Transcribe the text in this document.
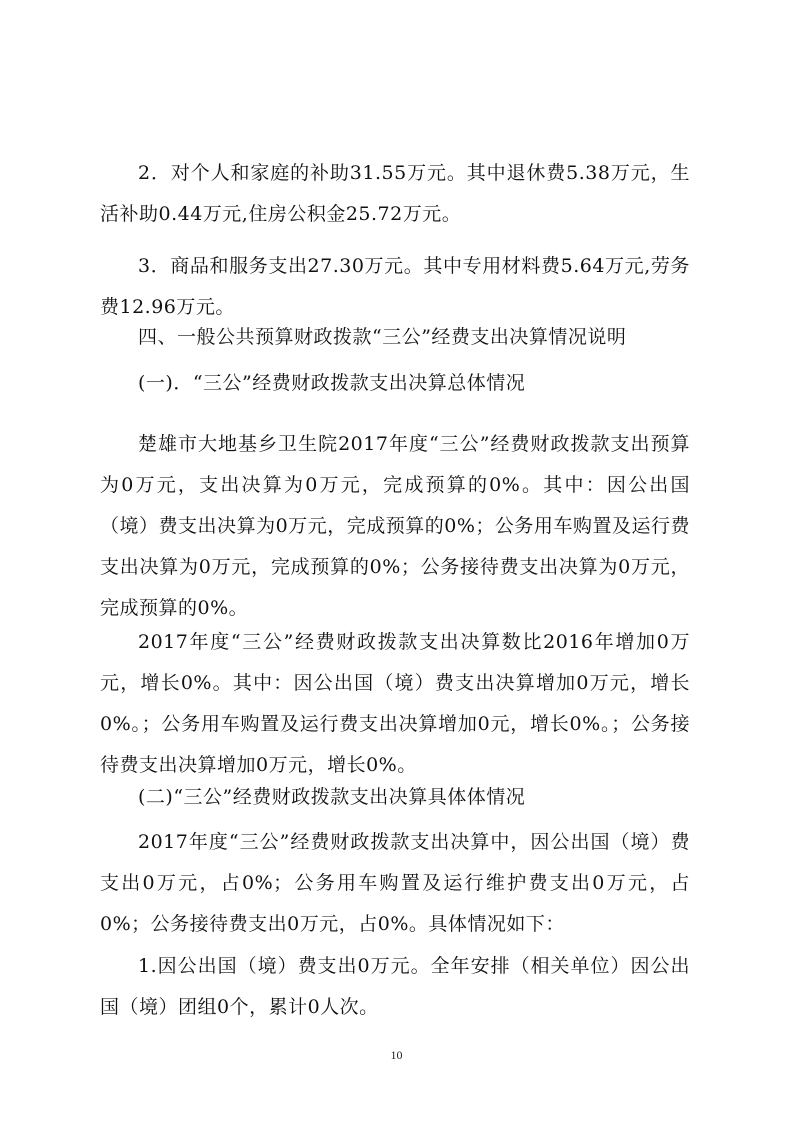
2．对个人和家庭的补助31.55万元。其中退休费5.38万元，生活补助0.44万元,住房公积金25.72万元。

3．商品和服务支出27.30万元。其中专用材料费5.64万元,劳务费12.96万元。

四、一般公共预算财政拨款“三公”经费支出决算情况说明

(一)．“三公”经费财政拨款支出决算总体情况

楚雄市大地基乡卫生院2017年度“三公”经费财政拨款支出预算为0万元，支出决算为0万元，完成预算的0%。其中：因公出国（境）费支出决算为0万元，完成预算的0%；公务用车购置及运行费支出决算为0万元，完成预算的0%；公务接待费支出决算为0万元，完成预算的0%。

2017年度“三公”经费财政拨款支出决算数比2016年增加0万元，增长0%。其中：因公出国（境）费支出决算增加0万元，增长0%。；公务用车购置及运行费支出决算增加0元，增长0%。；公务接待费支出决算增加0万元，增长0%。

(二)“三公”经费财政拨款支出决算具体体情况

2017年度“三公”经费财政拨款支出决算中，因公出国（境）费支出0万元，占0%；公务用车购置及运行维护费支出0万元，占0%；公务接待费支出0万元，占0%。具体情况如下：

1.因公出国（境）费支出0万元。全年安排（相关单位）因公出国（境）团组0个，累计0人次。

10
